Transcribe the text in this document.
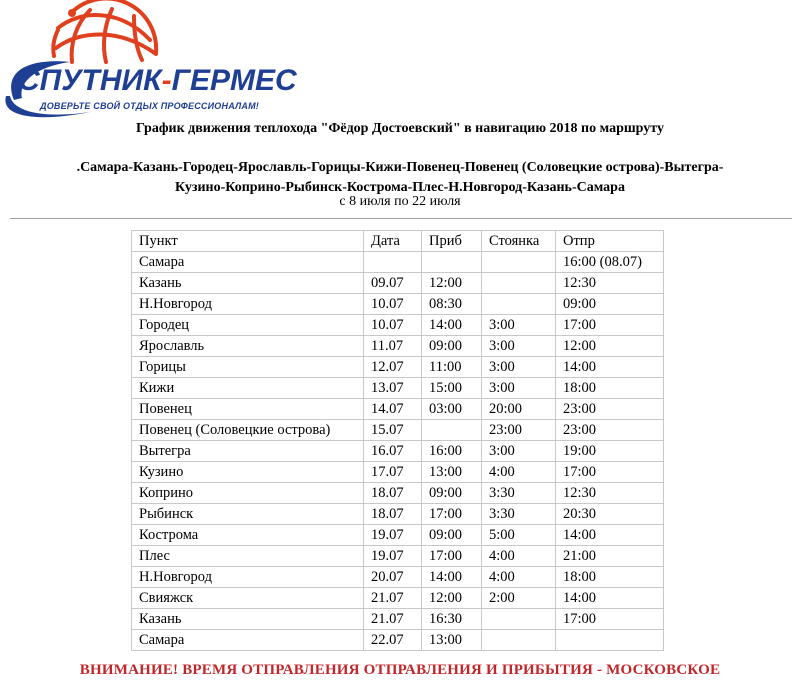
СПУТНИК-ГЕРМЕС
ДОВЕРЬТЕ СВОЙ ОТДЫХ ПРОФЕССИОНАЛАМ!
График движения теплохода "Фёдор Достоевский" в навигацию 2018 по маршруту
.Самара-Казань-Городец-Ярославль-Горицы-Кижи-Повенец-Повенец (Соловецкие острова)-Вытегра-
Кузино-Коприно-Рыбинск-Кострома-Плес-Н.Новгород-Казань-Самара
с 8 июля по 22 июля
Пункт	Дата	Приб	Стоянка	Отпр
Самара				16:00 (08.07)
Казань	09.07	12:00		12:30
Н.Новгород	10.07	08:30		09:00
Городец	10.07	14:00	3:00	17:00
Ярославль	11.07	09:00	3:00	12:00
Горицы	12.07	11:00	3:00	14:00
Кижи	13.07	15:00	3:00	18:00
Повенец	14.07	03:00	20:00	23:00
Повенец (Соловецкие острова)	15.07		23:00	23:00
Вытегра	16.07	16:00	3:00	19:00
Кузино	17.07	13:00	4:00	17:00
Коприно	18.07	09:00	3:30	12:30
Рыбинск	18.07	17:00	3:30	20:30
Кострома	19.07	09:00	5:00	14:00
Плес	19.07	17:00	4:00	21:00
Н.Новгород	20.07	14:00	4:00	18:00
Свияжск	21.07	12:00	2:00	14:00
Казань	21.07	16:30		17:00
Самара	22.07	13:00		
ВНИМАНИЕ! ВРЕМЯ ОТПРАВЛЕНИЯ ОТПРАВЛЕНИЯ И ПРИБЫТИЯ - МОСКОВСКОЕ
